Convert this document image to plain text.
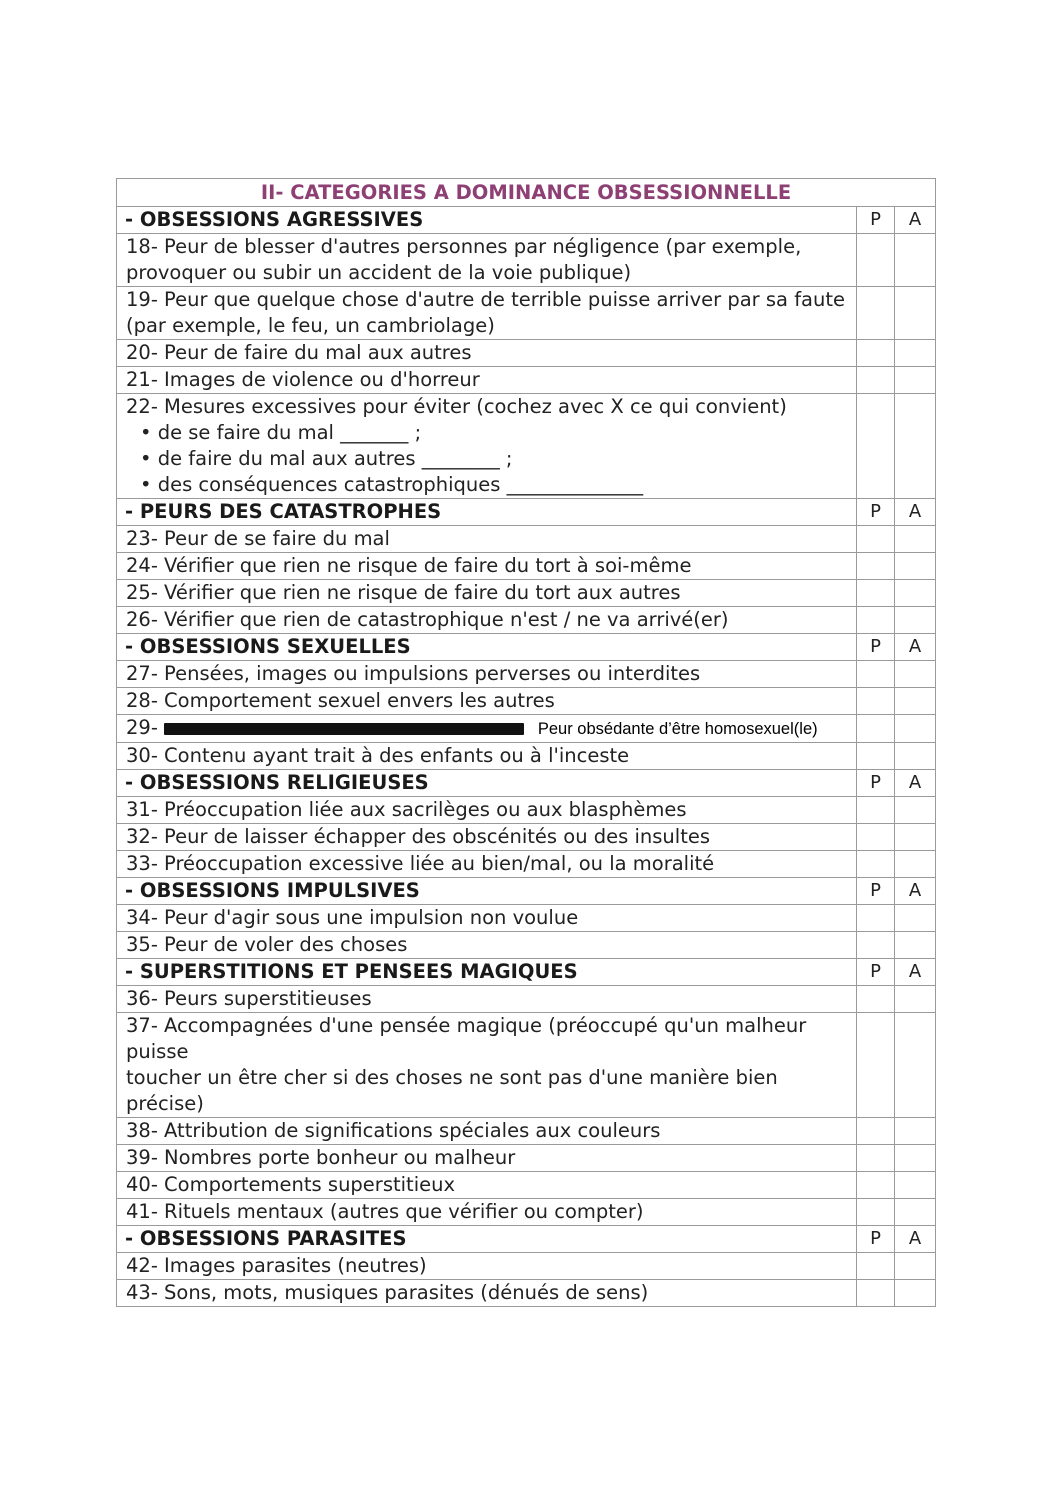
II- CATEGORIES A DOMINANCE OBSESSIONNELLE		
- OBSESSIONS AGRESSIVES	P	A

18- Peur de blesser d'autres personnes par négligence (par exemple,
provoquer ou subir un accident de la voie publique)		

19- Peur que quelque chose d'autre de terrible puisse arriver par sa faute
(par exemple, le feu, un cambriolage)		

20- Peur de faire du mal aux autres		

21- Images de violence ou d'horreur		

22- Mesures excessives pour éviter (cochez avec X ce qui convient)
• de se faire du mal _______ ;
• de faire du mal aux autres ________ ;
• des conséquences catastrophiques ______________		

- PEURS DES CATASTROPHES	P	A

23- Peur de se faire du mal		

24- Vérifier que rien ne risque de faire du tort à soi-même		

25- Vérifier que rien ne risque de faire du tort aux autres		

26- Vérifier que rien de catastrophique n'est / ne va arrivé(er)		

- OBSESSIONS SEXUELLES	P	A

27- Pensées, images ou impulsions perverses ou interdites		

28- Comportement sexuel envers les autres		

29- Peur obsédante d’être homosexuel(le)		

30- Contenu ayant trait à des enfants ou à l'inceste		

- OBSESSIONS RELIGIEUSES	P	A

31- Préoccupation liée aux sacrilèges ou aux blasphèmes		

32- Peur de laisser échapper des obscénités ou des insultes		

33- Préoccupation excessive liée au bien/mal, ou la moralité		

- OBSESSIONS IMPULSIVES	P	A

34- Peur d'agir sous une impulsion non voulue		

35- Peur de voler des choses		

- SUPERSTITIONS ET PENSEES MAGIQUES	P	A

36- Peurs superstitieuses		

37- Accompagnées d'une pensée magique (préoccupé qu'un malheur puisse
toucher un être cher si des choses ne sont pas d'une manière bien précise)		

38- Attribution de significations spéciales aux couleurs		

39- Nombres porte bonheur ou malheur		

40- Comportements superstitieux		

41- Rituels mentaux (autres que vérifier ou compter)		

- OBSESSIONS PARASITES	P	A

42- Images parasites (neutres)		

43- Sons, mots, musiques parasites (dénués de sens)		
